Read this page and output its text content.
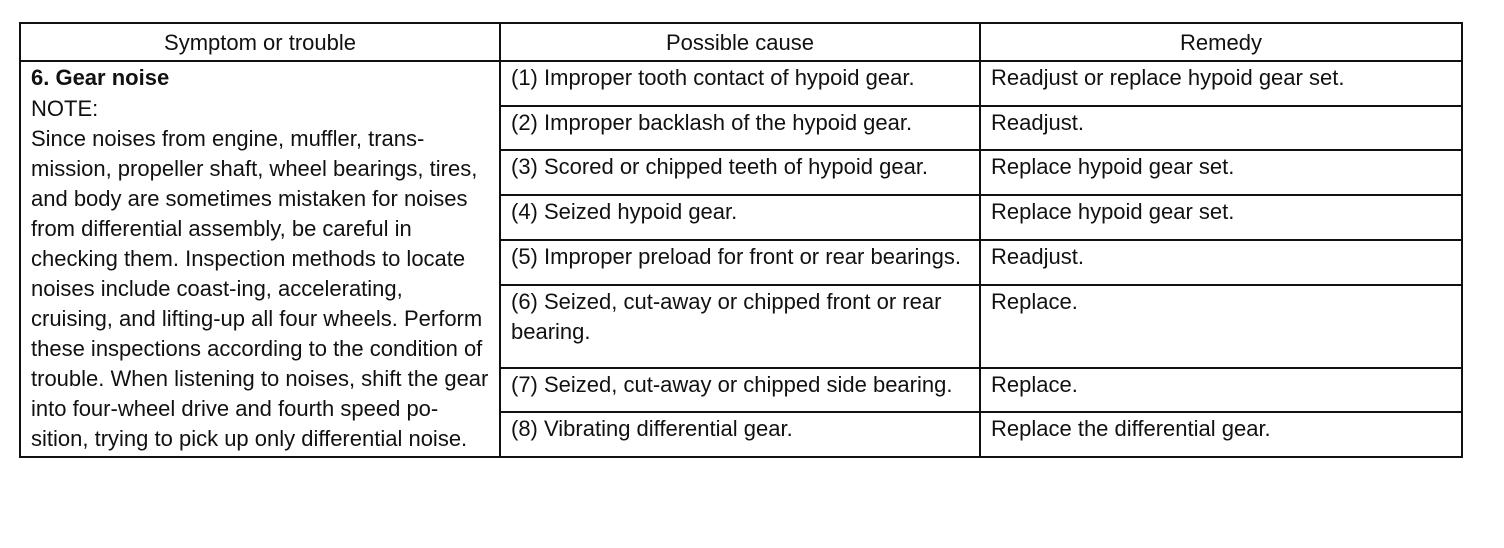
Symptom or trouble	Possible cause	Remedy

6. Gear noise
NOTE:
Since noises from engine, muffler, trans-mission, propeller shaft, wheel bearings, tires, and body are sometimes mistaken for noises from differential assembly, be careful in checking them. Inspection methods to locate noises include coast-ing, accelerating, cruising, and lifting-up all four wheels. Perform these inspections according to the condition of trouble. When listening to noises, shift the gear into four-wheel drive and fourth speed po-sition, trying to pick up only differential noise.	(1) Improper tooth contact of hypoid gear.	Readjust or replace hypoid gear set.
	(2) Improper backlash of the hypoid gear.	Readjust.
	(3) Scored or chipped teeth of hypoid gear.	Replace hypoid gear set.
	(4) Seized hypoid gear.	Replace hypoid gear set.
	(5) Improper preload for front or rear bearings.	Readjust.
	(6) Seized, cut-away or chipped front or rear bearing.	Replace.
	(7) Seized, cut-away or chipped side bearing.	Replace.
	(8) Vibrating differential gear.	Replace the differential gear.
